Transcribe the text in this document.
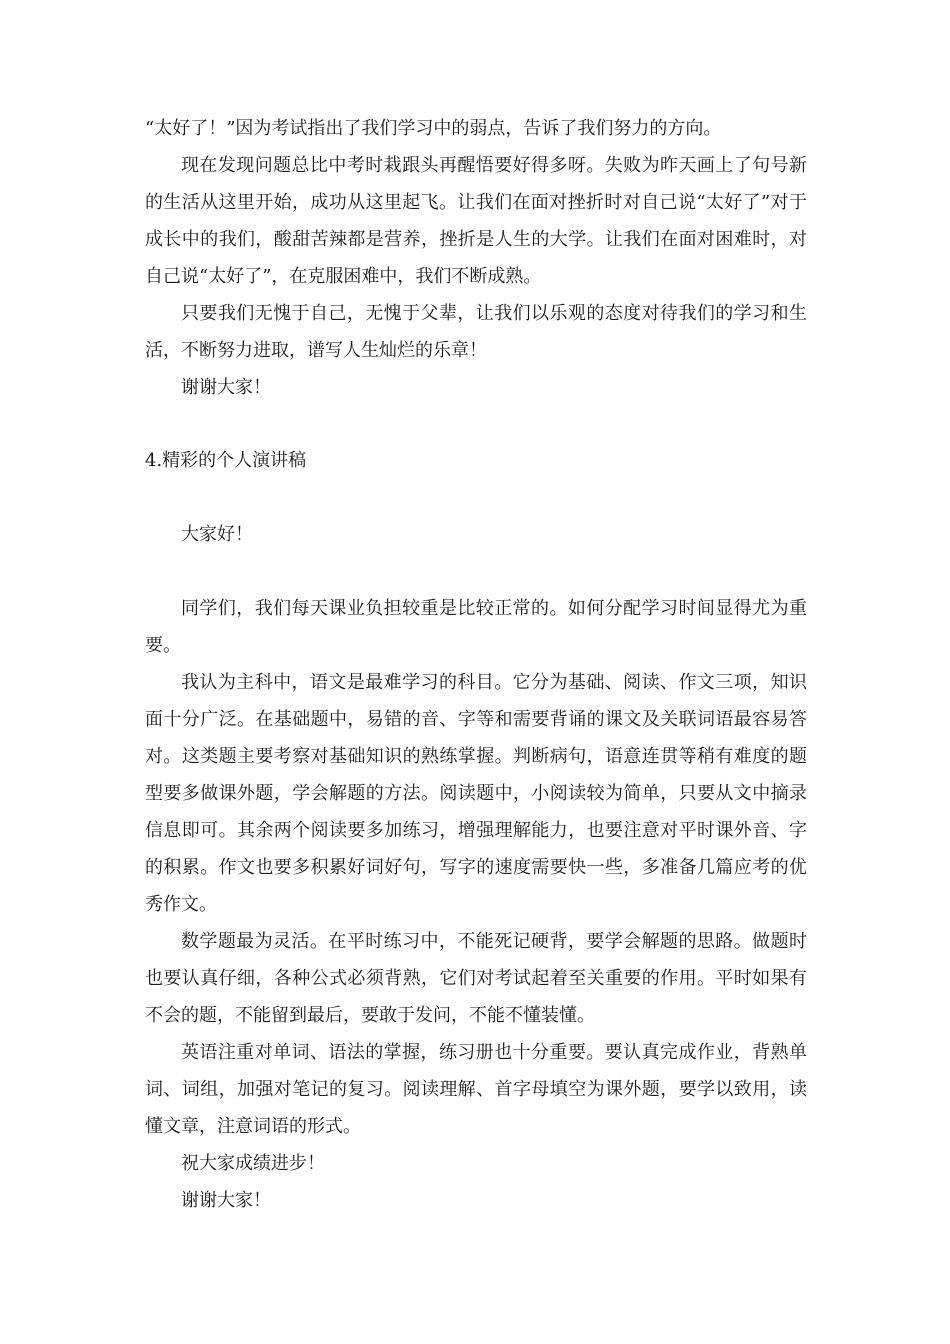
“太好了！”因为考试指出了我们学习中的弱点，告诉了我们努力的方向。

现在发现问题总比中考时栽跟头再醒悟要好得多呀。失败为昨天画上了句号新的生活从这里开始，成功从这里起飞。让我们在面对挫折时对自己说“太好了”对于成长中的我们，酸甜苦辣都是营养，挫折是人生的大学。让我们在面对困难时，对自己说“太好了”，在克服困难中，我们不断成熟。

只要我们无愧于自己，无愧于父辈，让我们以乐观的态度对待我们的学习和生活，不断努力进取，谱写人生灿烂的乐章！

谢谢大家！

4.精彩的个人演讲稿

大家好！

同学们，我们每天课业负担较重是比较正常的。如何分配学习时间显得尤为重要。

我认为主科中，语文是最难学习的科目。它分为基础、阅读、作文三项，知识面十分广泛。在基础题中，易错的音、字等和需要背诵的课文及关联词语最容易答对。这类题主要考察对基础知识的熟练掌握。判断病句，语意连贯等稍有难度的题型要多做课外题，学会解题的方法。阅读题中，小阅读较为简单，只要从文中摘录信息即可。其余两个阅读要多加练习，增强理解能力，也要注意对平时课外音、字的积累。作文也要多积累好词好句，写字的速度需要快一些，多准备几篇应考的优秀作文。

数学题最为灵活。在平时练习中，不能死记硬背，要学会解题的思路。做题时也要认真仔细，各种公式必须背熟，它们对考试起着至关重要的作用。平时如果有不会的题，不能留到最后，要敢于发问，不能不懂装懂。

英语注重对单词、语法的掌握，练习册也十分重要。要认真完成作业，背熟单词、词组，加强对笔记的复习。阅读理解、首字母填空为课外题，要学以致用，读懂文章，注意词语的形式。

祝大家成绩进步！

谢谢大家！
